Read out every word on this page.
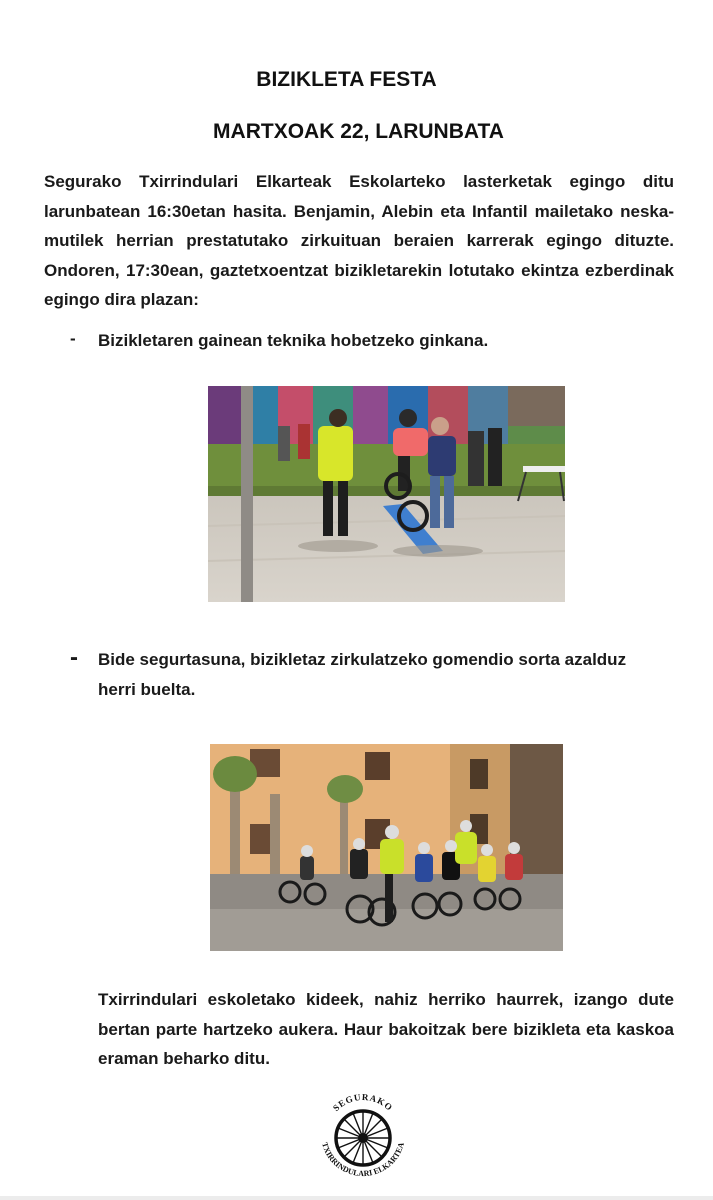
BIZIKLETA FESTA
MARTXOAK 22, LARUNBATA
Segurako Txirrindulari Elkarteak Eskolarteko lasterketak egingo ditu larunbatean 16:30etan hasita. Benjamin, Alebin eta Infantil mailetako neska-mutilek herrian prestatutako zirkuituan beraien karrerak egingo dituzte. Ondoren, 17:30ean, gaztetxoentzat bizikletarekin lotutako ekintza ezberdinak egingo dira plazan:
- Bizikletaren gainean teknika hobetzeko ginkana.
- Bide segurtasuna, bizikletaz zirkulatzeko gomendio sorta azalduz herri buelta.
Txirrindulari eskoletako kideek, nahiz herriko haurrek, izango dute bertan parte hartzeko aukera. Haur bakoitzak bere bizikleta eta kaskoa eraman beharko ditu.
SEGURAKO
TXIRRINDULARI ELKARTEA
